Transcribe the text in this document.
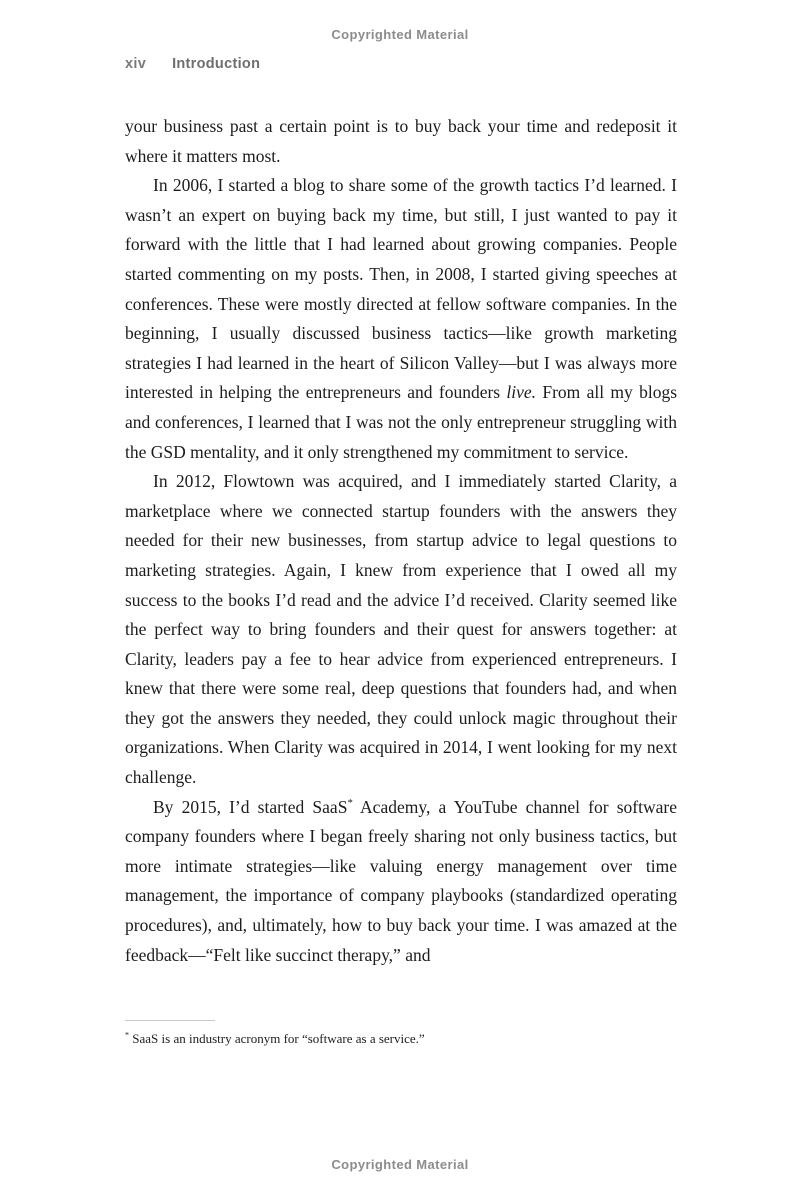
Copyrighted Material
xiv Introduction

your business past a certain point is to buy back your time and redeposit it where it matters most.

In 2006, I started a blog to share some of the growth tactics I’d learned. I wasn’t an expert on buying back my time, but still, I just wanted to pay it forward with the little that I had learned about growing companies. People started commenting on my posts. Then, in 2008, I started giving speeches at conferences. These were mostly directed at fellow software companies. In the beginning, I usually discussed business tactics—like growth marketing strategies I had learned in the heart of Silicon Valley—but I was always more interested in helping the entrepreneurs and founders live. From all my blogs and conferences, I learned that I was not the only entrepreneur struggling with the GSD mentality, and it only strengthened my commitment to service.

In 2012, Flowtown was acquired, and I immediately started Clarity, a marketplace where we connected startup founders with the answers they needed for their new businesses, from startup advice to legal questions to marketing strategies. Again, I knew from experience that I owed all my success to the books I’d read and the advice I’d received. Clarity seemed like the perfect way to bring founders and their quest for answers together: at Clarity, leaders pay a fee to hear advice from experienced entrepreneurs. I knew that there were some real, deep questions that founders had, and when they got the answers they needed, they could unlock magic throughout their organizations. When Clarity was acquired in 2014, I went looking for my next challenge.

By 2015, I’d started SaaS* Academy, a YouTube channel for software company founders where I began freely sharing not only business tactics, but more intimate strategies—like valuing energy management over time management, the importance of company playbooks (standardized operating procedures), and, ultimately, how to buy back your time. I was amazed at the feedback—“Felt like succinct therapy,” and

* SaaS is an industry acronym for “software as a service.”

Copyrighted Material
